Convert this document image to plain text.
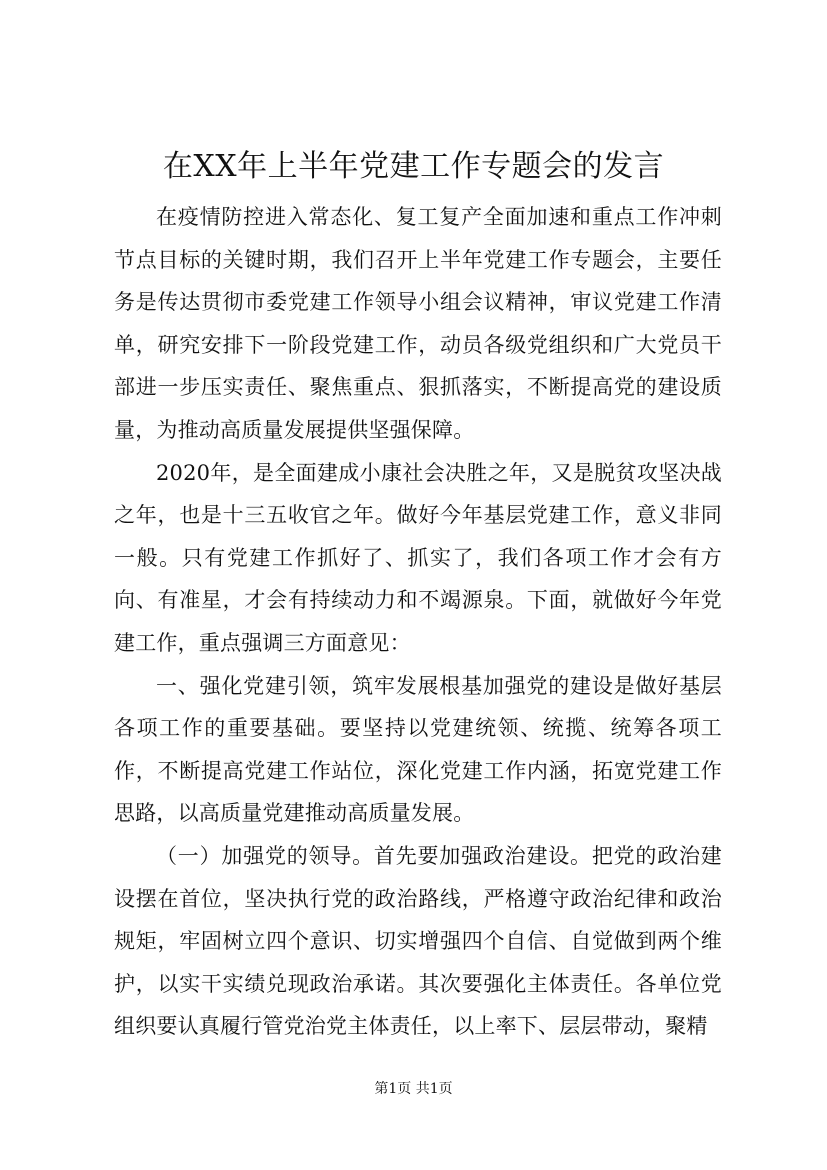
在XX年上半年党建工作专题会的发言

在疫情防控进入常态化、复工复产全面加速和重点工作冲刺节点目标的关键时期，我们召开上半年党建工作专题会，主要任务是传达贯彻市委党建工作领导小组会议精神，审议党建工作清单，研究安排下一阶段党建工作，动员各级党组织和广大党员干部进一步压实责任、聚焦重点、狠抓落实，不断提高党的建设质量，为推动高质量发展提供坚强保障。

2020年，是全面建成小康社会决胜之年，又是脱贫攻坚决战之年，也是十三五收官之年。做好今年基层党建工作，意义非同一般。只有党建工作抓好了、抓实了，我们各项工作才会有方向、有准星，才会有持续动力和不竭源泉。下面，就做好今年党建工作，重点强调三方面意见：

一、强化党建引领，筑牢发展根基加强党的建设是做好基层各项工作的重要基础。要坚持以党建统领、统揽、统筹各项工作，不断提高党建工作站位，深化党建工作内涵，拓宽党建工作思路，以高质量党建推动高质量发展。

（一）加强党的领导。首先要加强政治建设。把党的政治建设摆在首位，坚决执行党的政治路线，严格遵守政治纪律和政治规矩，牢固树立四个意识、切实增强四个自信、自觉做到两个维护，以实干实绩兑现政治承诺。其次要强化主体责任。各单位党组织要认真履行管党治党主体责任，以上率下、层层带动，聚精

第1页 共1页
